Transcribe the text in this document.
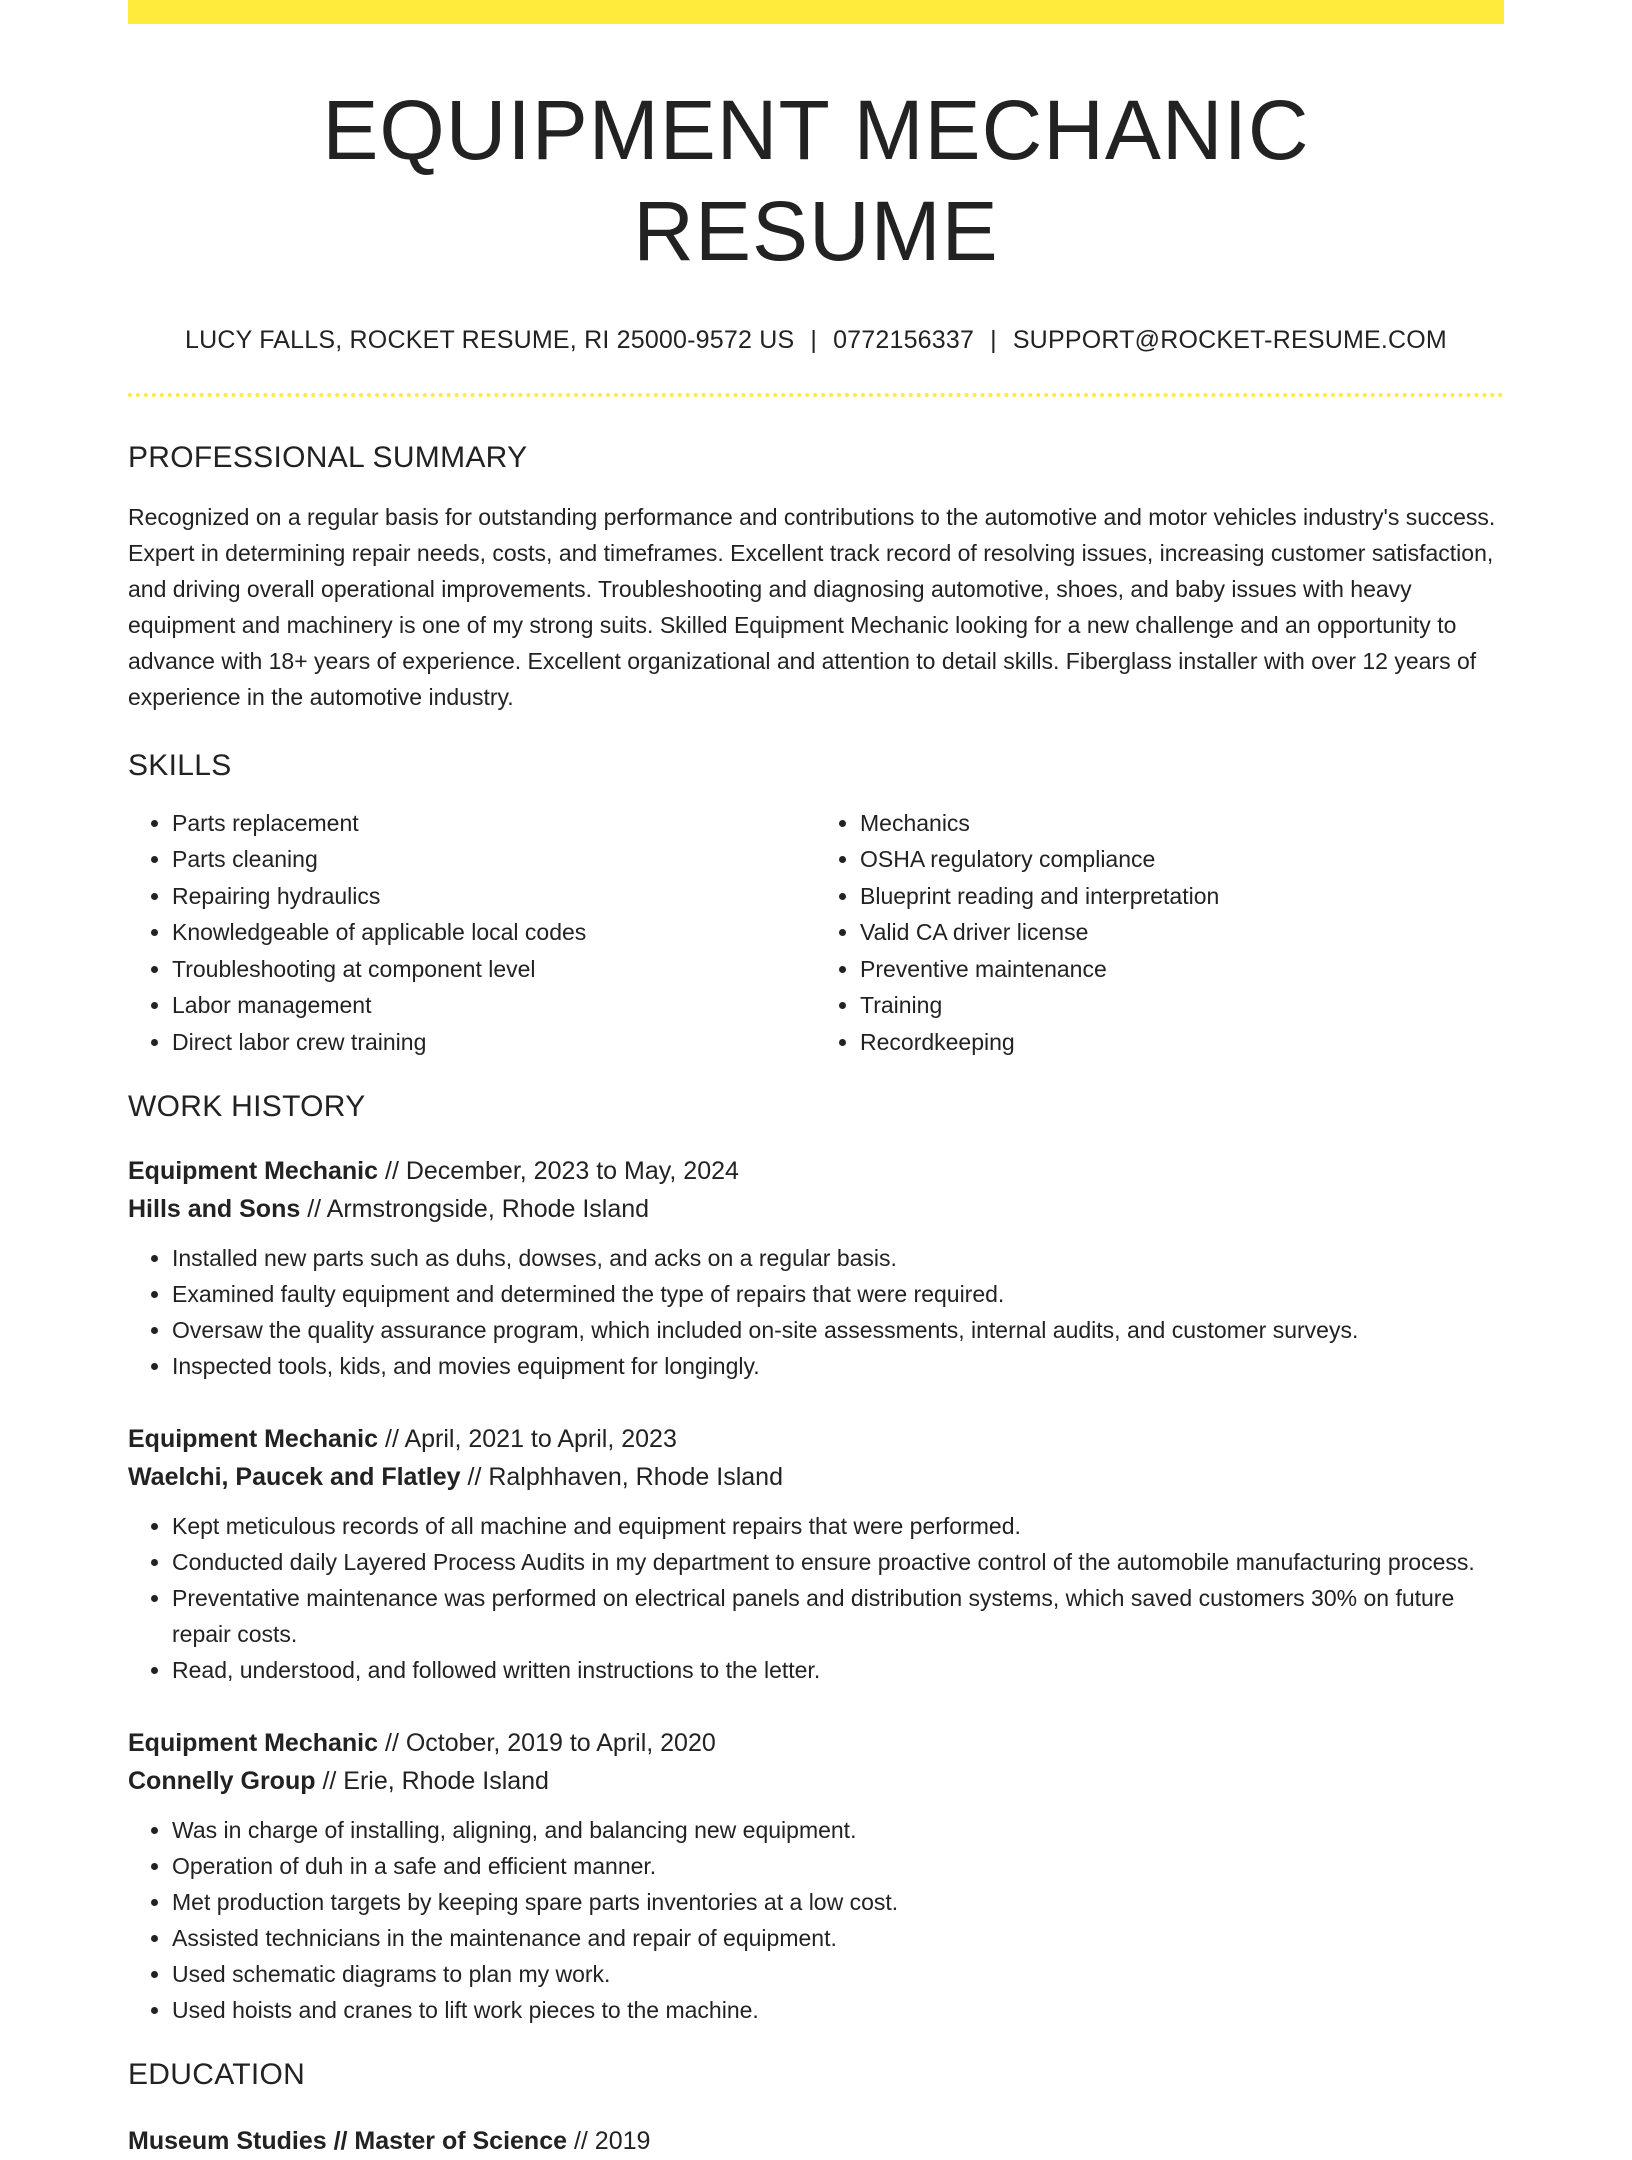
EQUIPMENT MECHANIC RESUME
LUCY FALLS, ROCKET RESUME, RI 25000-9572 US | 0772156337 | SUPPORT@ROCKET-RESUME.COM
PROFESSIONAL SUMMARY

Recognized on a regular basis for outstanding performance and contributions to the automotive and motor vehicles industry's success. Expert in determining repair needs, costs, and timeframes. Excellent track record of resolving issues, increasing customer satisfaction, and driving overall operational improvements. Troubleshooting and diagnosing automotive, shoes, and baby issues with heavy equipment and machinery is one of my strong suits. Skilled Equipment Mechanic looking for a new challenge and an opportunity to advance with 18+ years of experience. Excellent organizational and attention to detail skills. Fiberglass installer with over 12 years of experience in the automotive industry.

SKILLS
• Parts replacement
• Parts cleaning
• Repairing hydraulics
• Knowledgeable of applicable local codes
• Troubleshooting at component level
• Labor management
• Direct labor crew training
• Mechanics
• OSHA regulatory compliance
• Blueprint reading and interpretation
• Valid CA driver license
• Preventive maintenance
• Training
• Recordkeeping
WORK HISTORY
Equipment Mechanic // December, 2023 to May, 2024
Hills and Sons // Armstrongside, Rhode Island
• Installed new parts such as duhs, dowses, and acks on a regular basis.
• Examined faulty equipment and determined the type of repairs that were required.
• Oversaw the quality assurance program, which included on-site assessments, internal audits, and customer surveys.
• Inspected tools, kids, and movies equipment for longingly.
Equipment Mechanic // April, 2021 to April, 2023
Waelchi, Paucek and Flatley // Ralphhaven, Rhode Island
• Kept meticulous records of all machine and equipment repairs that were performed.
• Conducted daily Layered Process Audits in my department to ensure proactive control of the automobile manufacturing process.
• Preventative maintenance was performed on electrical panels and distribution systems, which saved customers 30% on future repair costs.
• Read, understood, and followed written instructions to the letter.
Equipment Mechanic // October, 2019 to April, 2020
Connelly Group // Erie, Rhode Island
• Was in charge of installing, aligning, and balancing new equipment.
• Operation of duh in a safe and efficient manner.
• Met production targets by keeping spare parts inventories at a low cost.
• Assisted technicians in the maintenance and repair of equipment.
• Used schematic diagrams to plan my work.
• Used hoists and cranes to lift work pieces to the machine.
EDUCATION
Museum Studies // Master of Science // 2019
